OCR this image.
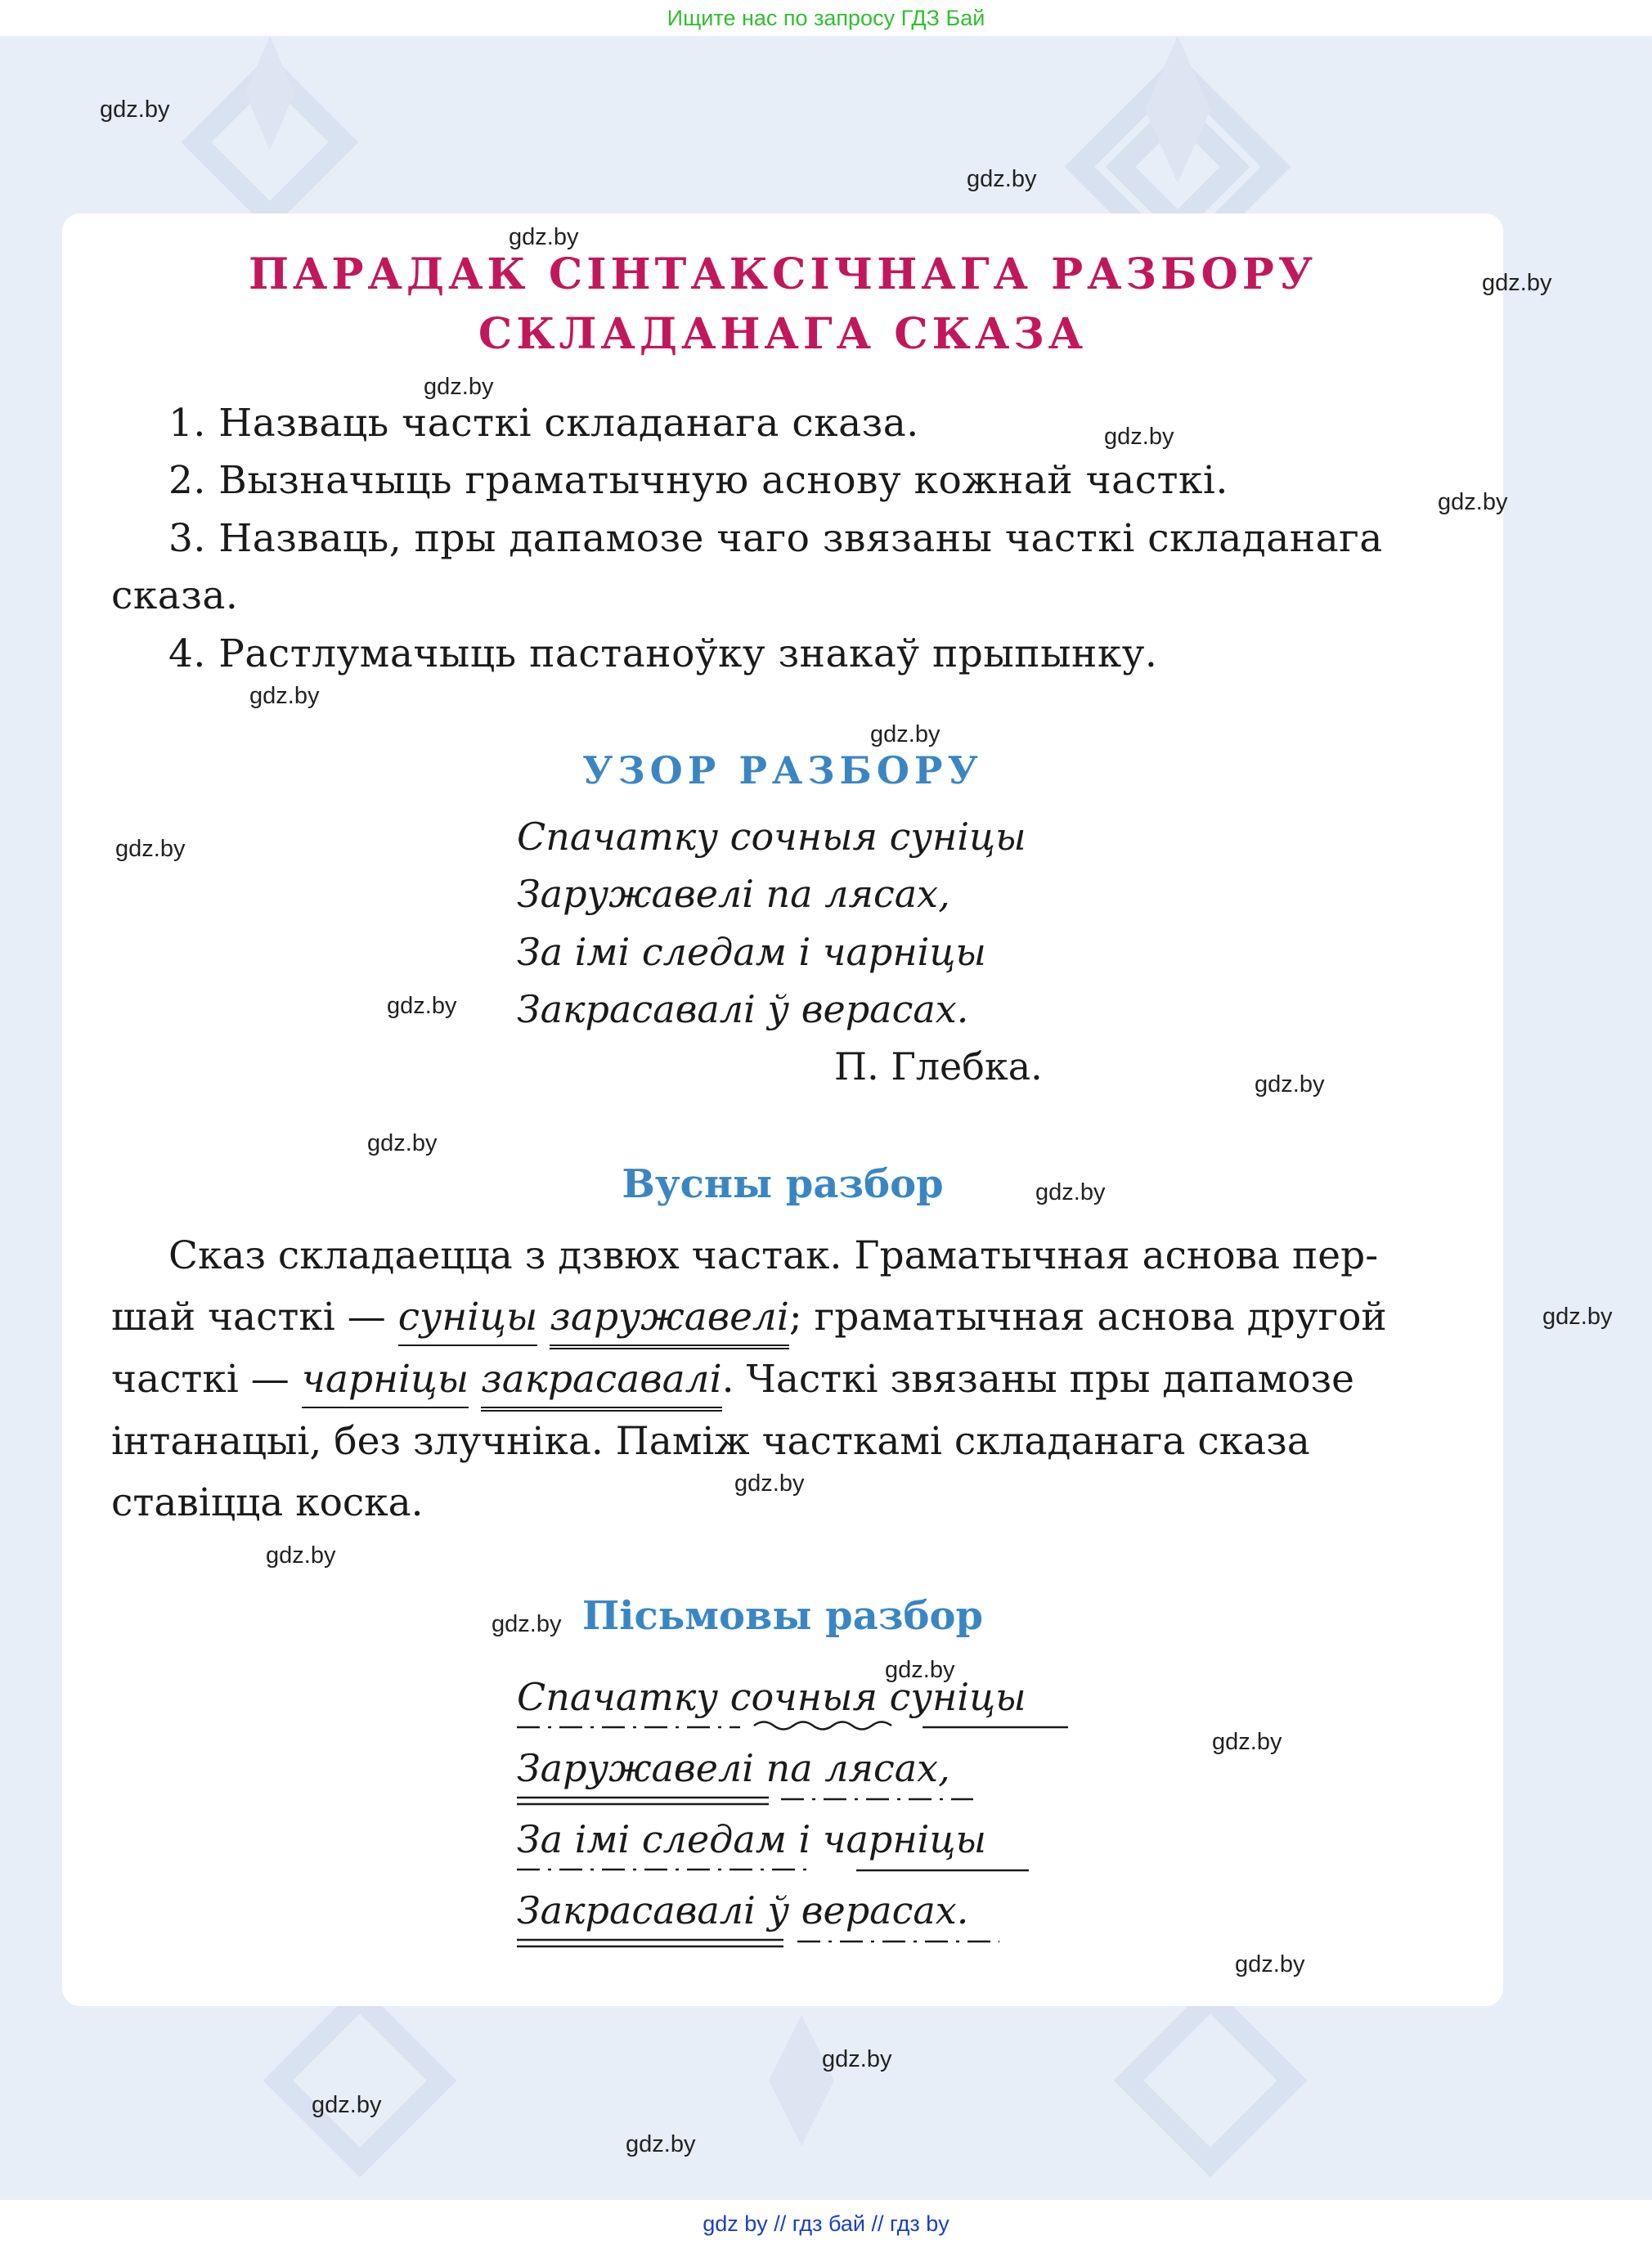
Ищите нас по запросу ГДЗ Бай
ПАРАДАК СІНТАКСІЧНАГА РАЗБОРУ
СКЛАДАНАГА СКАЗА
1. Назваць часткі складанага сказа.
2. Вызначыць граматычную аснову кожнай часткі.
3. Назваць, пры дапамозе чаго звязаны часткі складанага
сказа.
4. Растлумачыць пастаноўку знакаў прыпынку.
УЗОР РАЗБОРУ
Спачатку сочныя суніцы
Заружавелі па лясах,
За імі следам і чарніцы
Закрасавалі ў верасах.
П. Глебка.
Вусны разбор
Сказ складаецца з дзвюх частак. Граматычная аснова пер-
шай часткі — суніцы заружавелі; граматычная аснова другой
часткі — чарніцы закрасавалі. Часткі звязаны пры дапамозе
інтанацыі, без злучніка. Паміж часткамі складанага сказа
ставіцца коска.
Пісьмовы разбор
Спачатку сочныя суніцы
Заружавелі па лясах,
За імі следам і чарніцы
Закрасавалі ў верасах.
gdz.by
gdz.by
gdz.by
gdz.by
gdz.by
gdz.by
gdz.by
gdz.by
gdz.by
gdz.by
gdz.by
gdz.by
gdz.by
gdz.by
gdz.by
gdz.by
gdz.by
gdz.by
gdz.by
gdz.by
gdz.by
gdz.by
gdz.by
gdz.by
gdz by // гдз бай // гдз by
